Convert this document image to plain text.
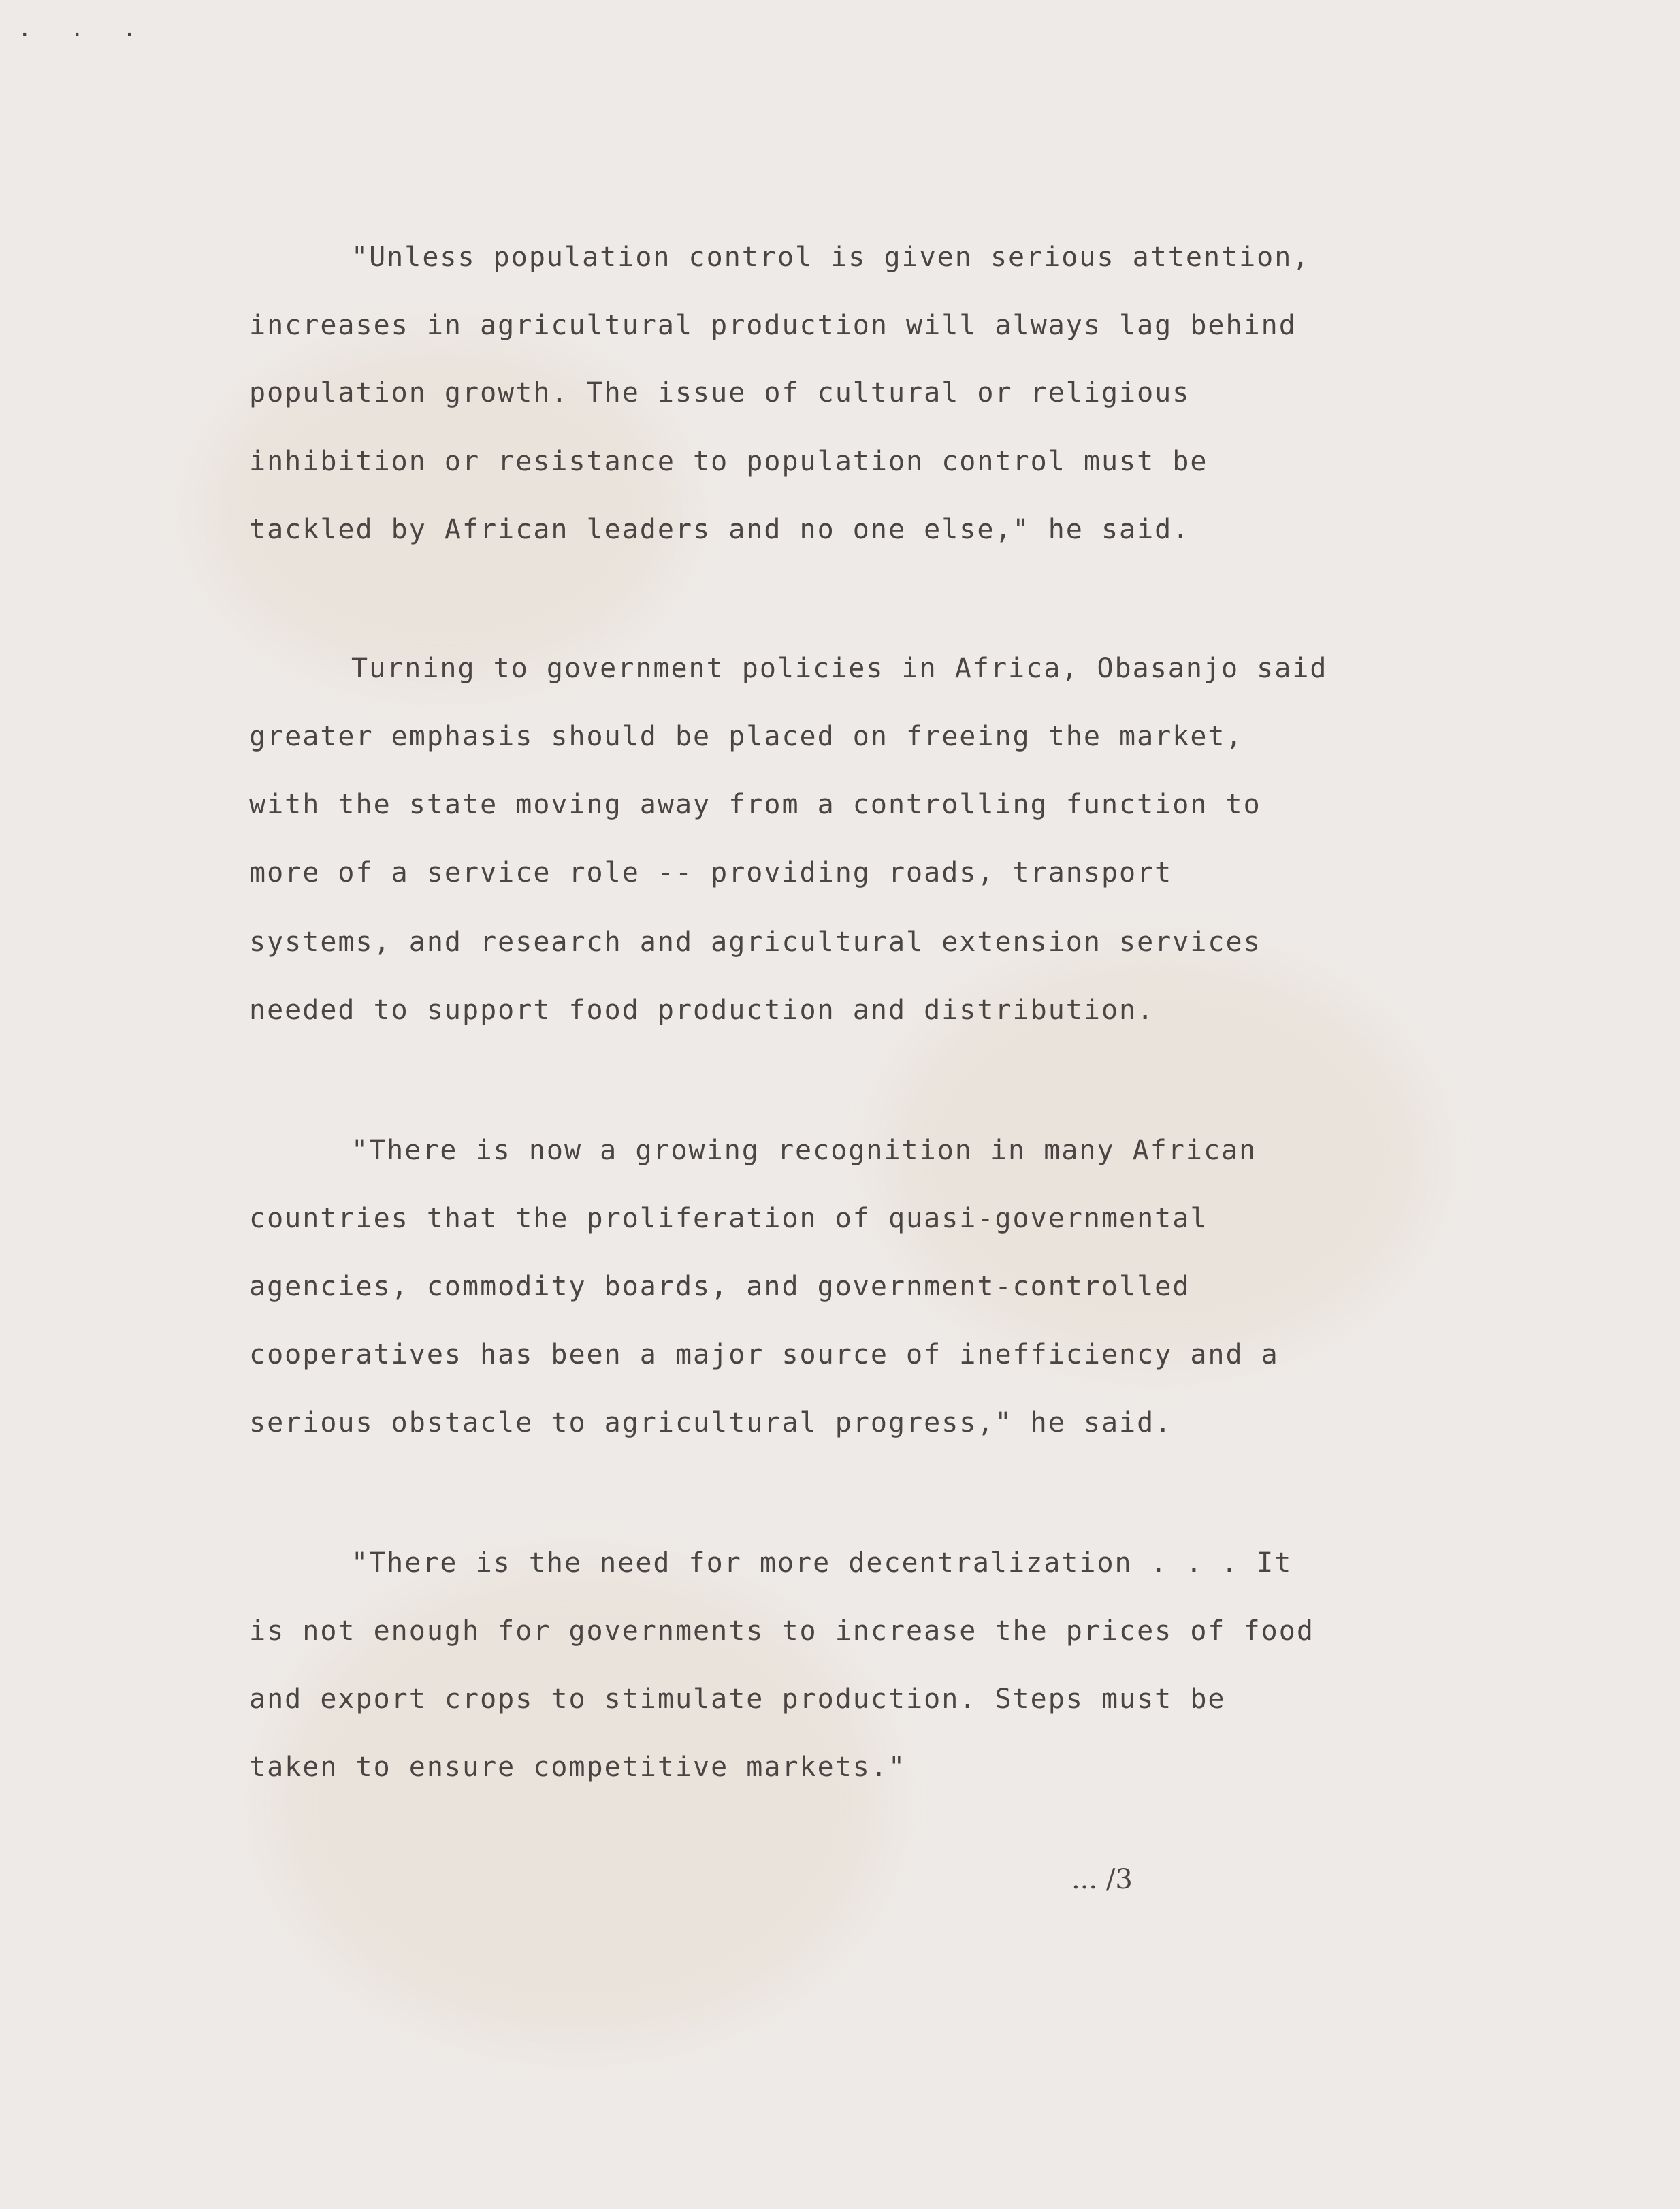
. . .
"Unless population control is given serious attention,
increases in agricultural production will always lag behind
population growth. The issue of cultural or religious
inhibition or resistance to population control must be
tackled by African leaders and no one else," he said.
Turning to government policies in Africa, Obasanjo said
greater emphasis should be placed on freeing the market,
with the state moving away from a controlling function to
more of a service role -- providing roads, transport
systems, and research and agricultural extension services
needed to support food production and distribution.
"There is now a growing recognition in many African
countries that the proliferation of quasi-governmental
agencies, commodity boards, and government-controlled
cooperatives has been a major source of inefficiency and a
serious obstacle to agricultural progress," he said.
"There is the need for more decentralization . . . It
is not enough for governments to increase the prices of food
and export crops to stimulate production. Steps must be
taken to ensure competitive markets."
... /3
